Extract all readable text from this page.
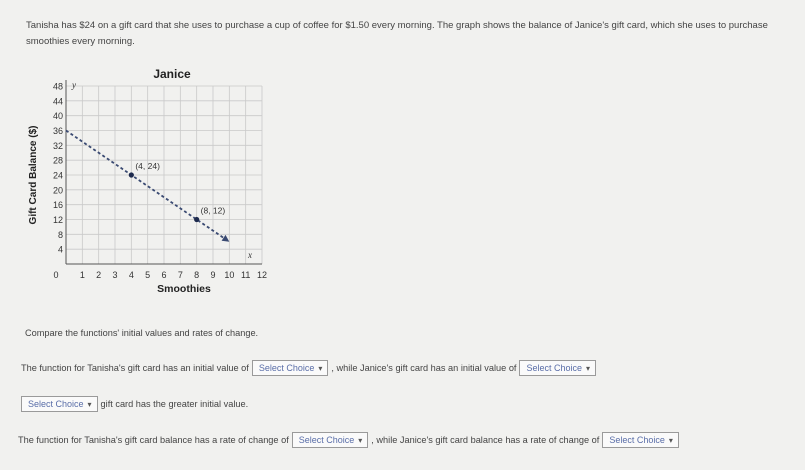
Tanisha has $24 on a gift card that she uses to purchase a cup of coffee for $1.50 every morning. The graph shows the balance of Janice's gift card, which she uses to purchase smoothies every morning.
y
x
Janice
0 1 2 3 4 5 6 7 8 9 10 11 12
4
8
12
16
20
24
28
32
36
40
44
48
Smoothies
Gift Card Balance ($)	(4, 24)
(8, 12)
Compare the functions' initial values and rates of change.
The function for Tanisha's gift card has an initial value of Select Choice ▾ , while Janice's gift card has an initial value of Select Choice ▾
Select Choice ▾ gift card has the greater initial value.
The function for Tanisha's gift card balance has a rate of change of Select Choice ▾ , while Janice's gift card balance has a rate of change of Select Choice ▾
